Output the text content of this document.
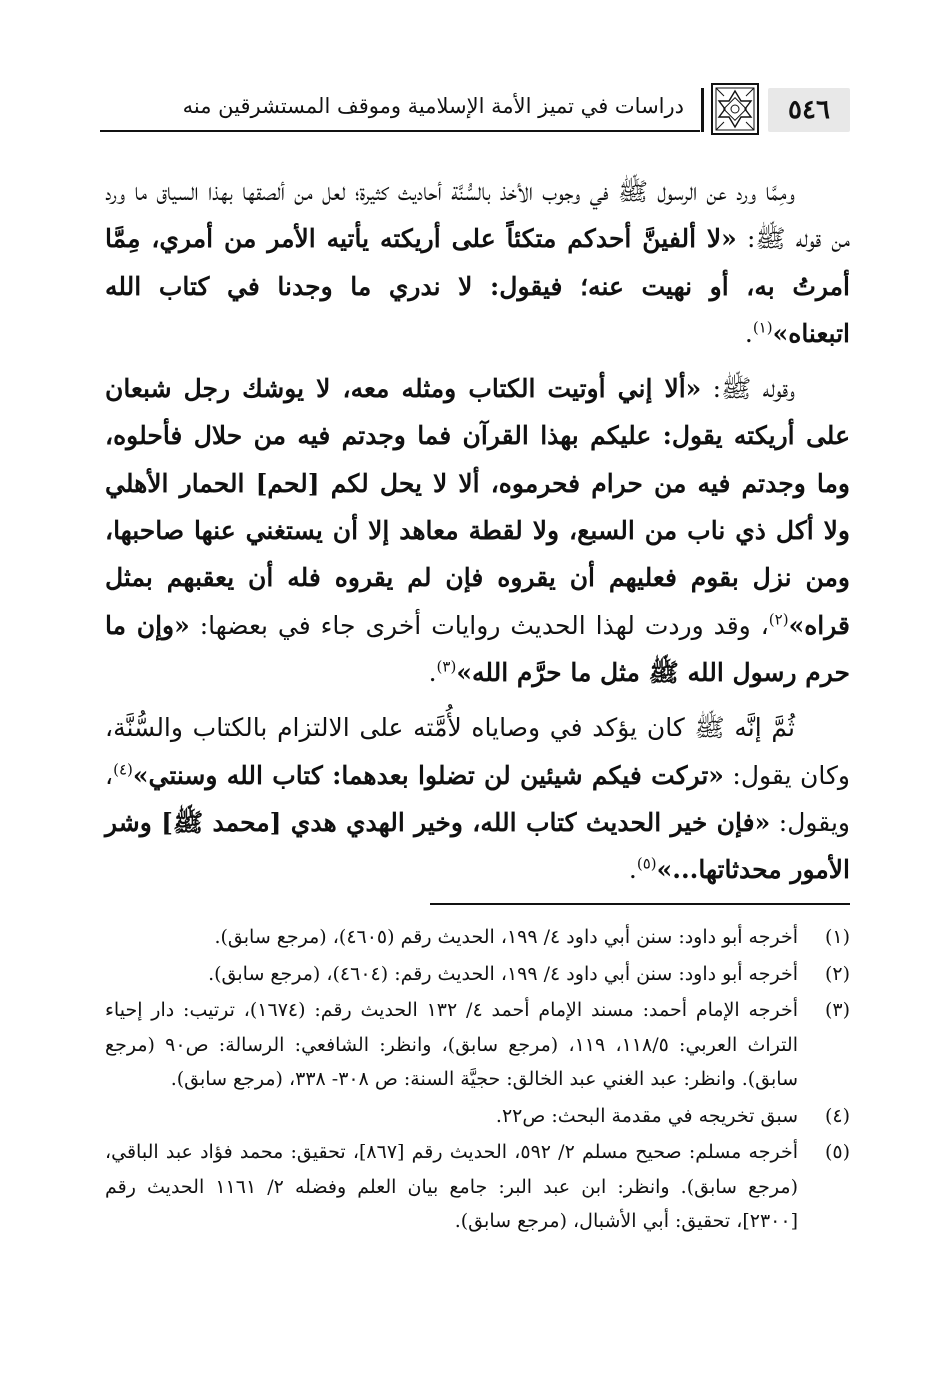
٥٤٦
دراسات في تميز الأمة الإسلامية وموقف المستشرقين منه

ومِمَّا ورد عن الرسول ﷺ في وجوب الأخذ بالسُّنَّة أحاديث كثيرة؛ لعل من ألصقها بهذا السياق ما ورد من قوله ﷺ: «لا ألفينَّ أحدكم متكئاً على أريكته يأتيه الأمر من أمري، مِمَّا أمرتُ به، أو نهيت عنه؛ فيقول: لا ندري ما وجدنا في كتاب الله اتبعناه»$^{(١)}$.

وقوله ﷺ: «ألا إني أوتيت الكتاب ومثله معه، لا يوشك رجل شبعان على أريكته يقول: عليكم بهذا القرآن فما وجدتم فيه من حلال فأحلوه، وما وجدتم فيه من حرام فحرموه، ألا لا يحل لكم [لحم] الحمار الأهلي ولا أكل ذي ناب من السبع، ولا لقطة معاهد إلا أن يستغني عنها صاحبها، ومن نزل بقوم فعليهم أن يقروه فإن لم يقروه فله أن يعقبهم بمثل قراه»$^{(٢)}$، وقد وردت لهذا الحديث روايات أخرى جاء في بعضها: «وإن ما حرم رسول الله ﷺ مثل ما حرَّم الله»$^{(٣)}$.

ثُمَّ إنَّه ﷺ كان يؤكد في وصاياه لأُمَّته على الالتزام بالكتاب والسُّنَّة، وكان يقول: «تركت فيكم شيئين لن تضلوا بعدهما: كتاب الله وسنتي»$^{(٤)}$، ويقول: «فإن خير الحديث كتاب الله، وخير الهدي هدي [محمد ﷺ] وشر الأمور محدثاتها...»$^{(٥)}$.

(١)
أخرجه أبو داود: سنن أبي داود ٤/ ١٩٩، الحديث رقم (٤٦٠٥)، (مرجع سابق).
(٢)
أخرجه أبو داود: سنن أبي داود ٤/ ١٩٩، الحديث رقم: (٤٦٠٤)، (مرجع سابق).
(٣)
أخرجه الإمام أحمد: مسند الإمام أحمد ٤/ ١٣٢ الحديث رقم: (١٦٧٤)، ترتيب: دار إحياء التراث العربي: ١١٨/٥، ١١٩، (مرجع سابق)، وانظر: الشافعي: الرسالة: ص٩٠ (مرجع سابق). وانظر: عبد الغني عبد الخالق: حجيَّة السنة: ص ٣٠٨- ٣٣٨، (مرجع سابق).
(٤)
سبق تخريجه في مقدمة البحث: ص٢٢.
(٥)
أخرجه مسلم: صحيح مسلم ٢/ ٥٩٢، الحديث رقم [٨٦٧]، تحقيق: محمد فؤاد عبد الباقي، (مرجع سابق). وانظر: ابن عبد البر: جامع بيان العلم وفضله ٢/ ١١٦١ الحديث رقم [٢٣٠٠]، تحقيق: أبي الأشبال، (مرجع سابق).
